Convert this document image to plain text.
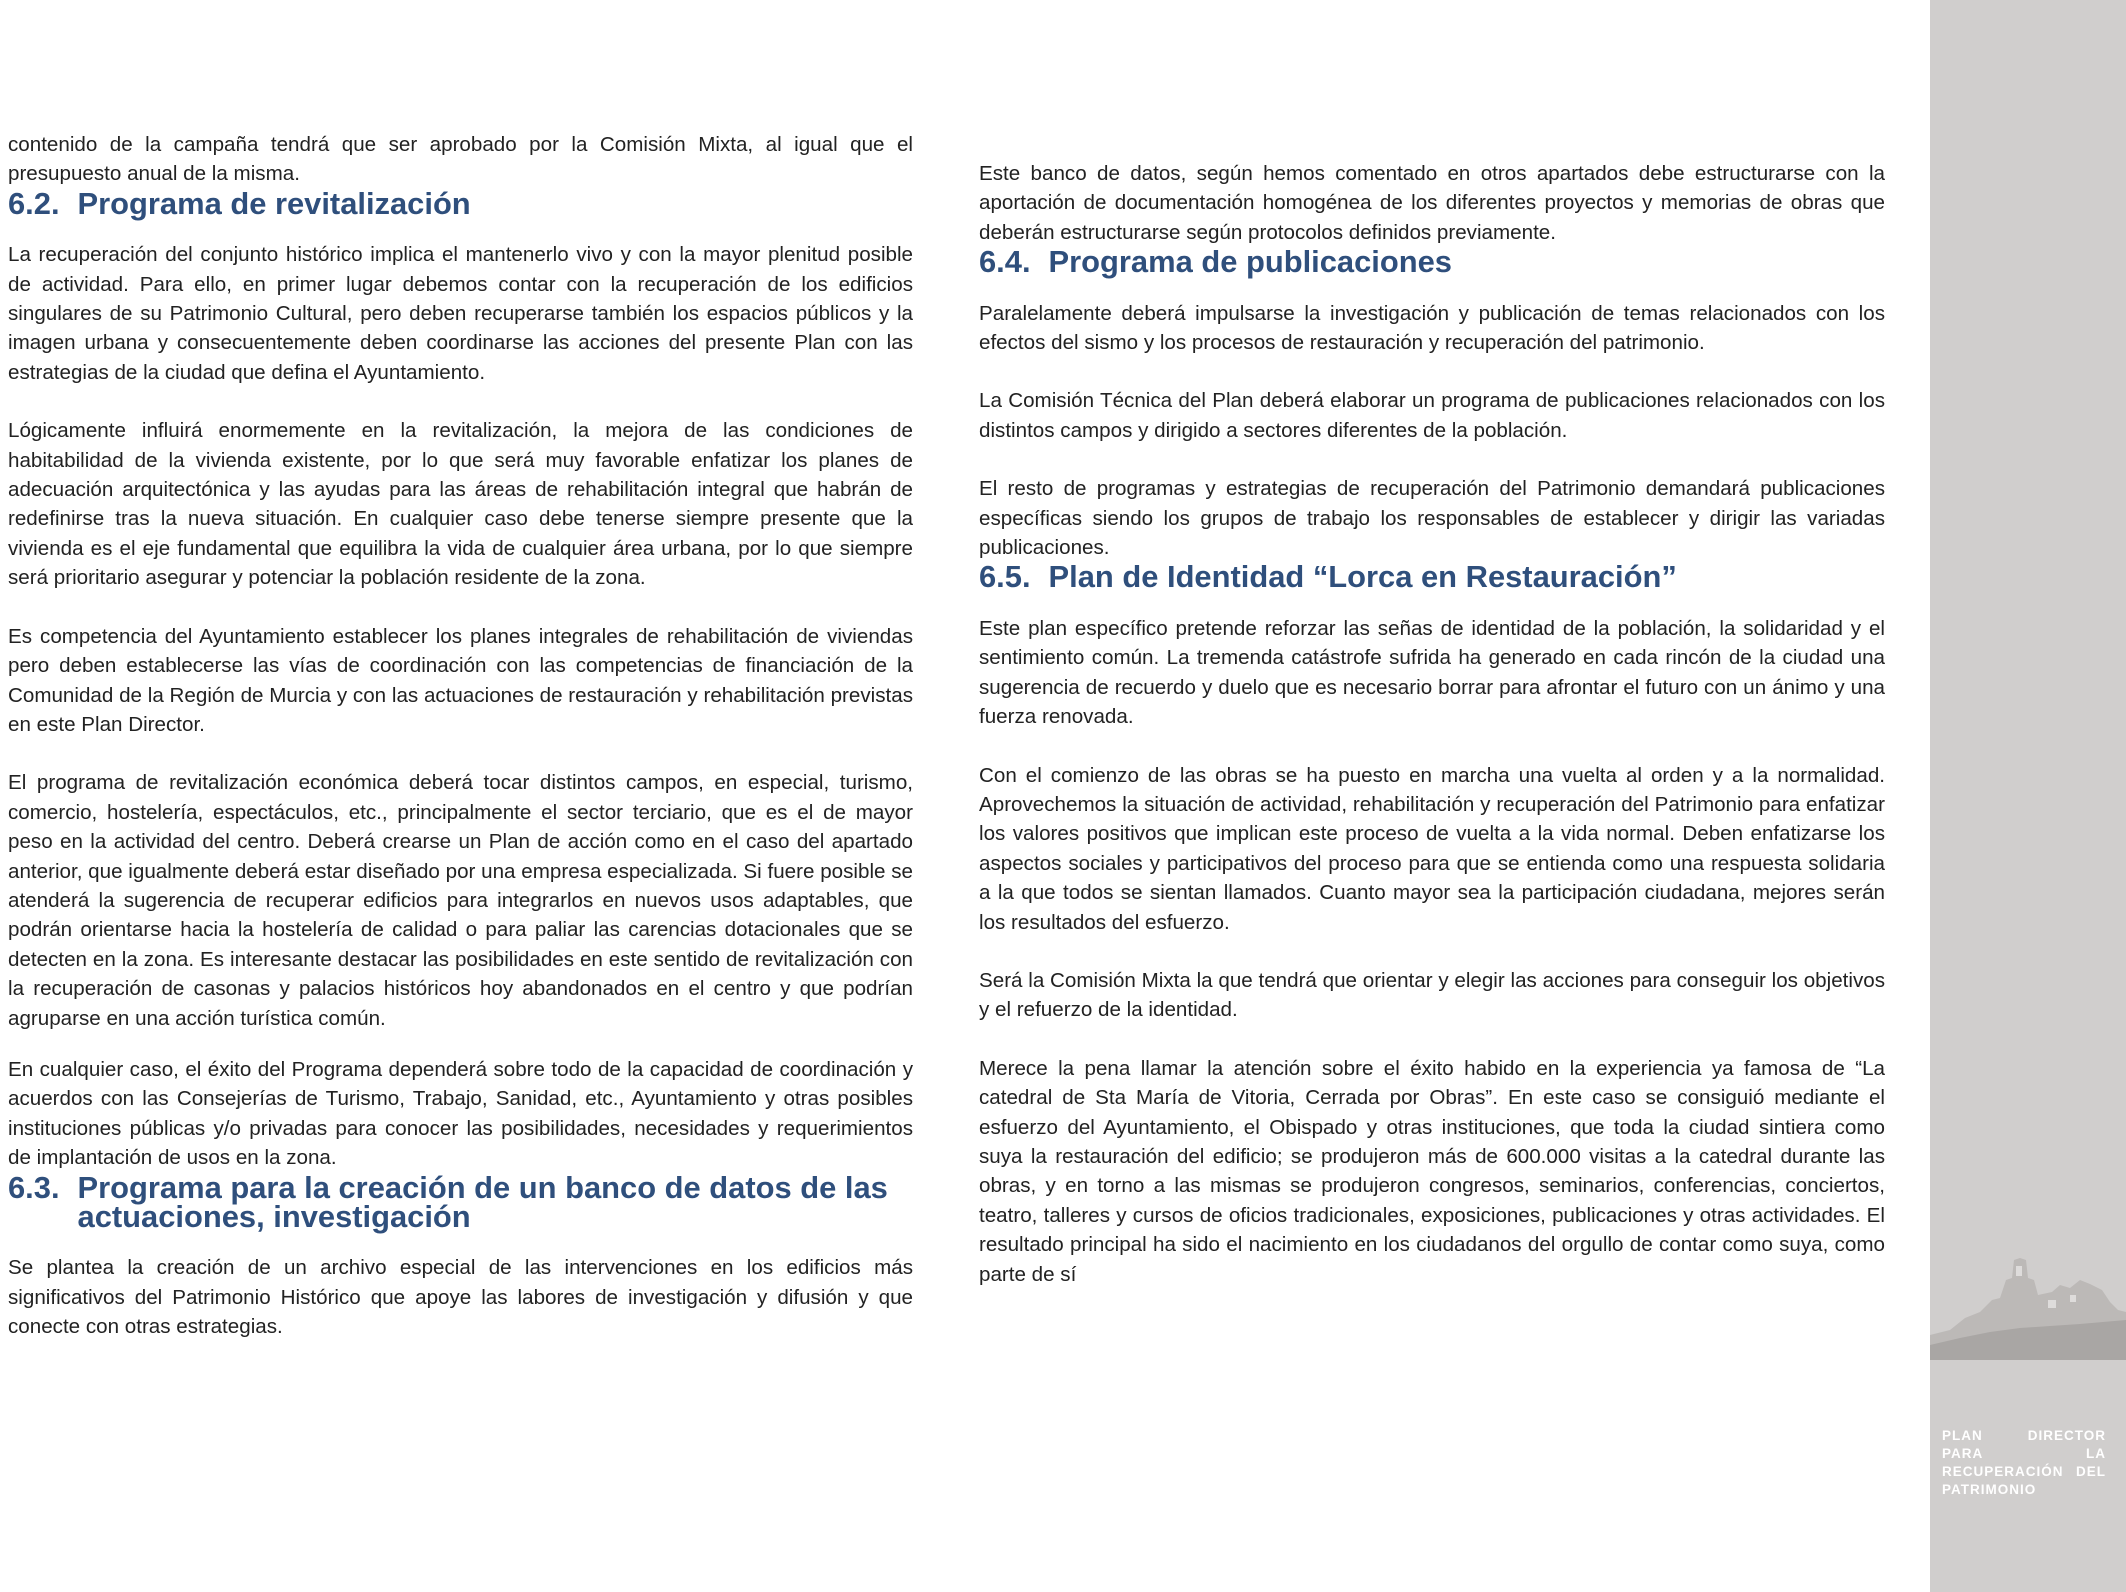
contenido de la campaña tendrá que ser aprobado por la Comisión Mixta, al igual que el presupuesto anual de la misma.

6.2. Programa de revitalización

La recuperación del conjunto histórico implica el mantenerlo vivo y con la mayor plenitud posible de actividad. Para ello, en primer lugar debemos contar con la recuperación de los edificios singulares de su Patrimonio Cultural, pero deben recuperarse también los espacios públicos y la imagen urbana y consecuentemente deben coordinarse las acciones del presente Plan con las estrategias de la ciudad que defina el Ayuntamiento.

Lógicamente influirá enormemente en la revitalización, la mejora de las condiciones de habitabilidad de la vivienda existente, por lo que será muy favorable enfatizar los planes de adecuación arquitectónica y las ayudas para las áreas de rehabilitación integral que habrán de redefinirse tras la nueva situación. En cualquier caso debe tenerse siempre presente que la vivienda es el eje fundamental que equilibra la vida de cualquier área urbana, por lo que siempre será prioritario asegurar y potenciar la población residente de la zona.

Es competencia del Ayuntamiento establecer los planes integrales de rehabilitación de viviendas pero deben establecerse las vías de coordinación con las competencias de financiación de la Comunidad de la Región de Murcia y con las actuaciones de restauración y rehabilitación previstas en este Plan Director.

El programa de revitalización económica deberá tocar distintos campos, en especial, turismo, comercio, hostelería, espectáculos, etc., principalmente el sector terciario, que es el de mayor peso en la actividad del centro. Deberá crearse un Plan de acción como en el caso del apartado anterior, que igualmente deberá estar diseñado por una empresa especializada. Si fuere posible se atenderá la sugerencia de recuperar edificios para integrarlos en nuevos usos adaptables, que podrán orientarse hacia la hostelería de calidad o para paliar las carencias dotacionales que se detecten en la zona. Es interesante destacar las posibilidades en este sentido de revitalización con la recuperación de casonas y palacios históricos hoy abandonados en el centro y que podrían agruparse en una acción turística común.

En cualquier caso, el éxito del Programa dependerá sobre todo de la capacidad de coordinación y acuerdos con las Consejerías de Turismo, Trabajo, Sanidad, etc., Ayuntamiento y otras posibles instituciones públicas y/o privadas para conocer las posibilidades, necesidades y requerimientos de implantación de usos en la zona.

6.3. Programa para la creación de un banco de datos de las actuaciones, investigación

Se plantea la creación de un archivo especial de las intervenciones en los edificios más significativos del Patrimonio Histórico que apoye las labores de investigación y difusión y que conecte con otras estrategias.

Este banco de datos, según hemos comentado en otros apartados debe estructurarse con la aportación de documentación homogénea de los diferentes proyectos y memorias de obras que deberán estructurarse según protocolos definidos previamente.

6.4. Programa de publicaciones

Paralelamente deberá impulsarse la investigación y publicación de temas relacionados con los efectos del sismo y los procesos de restauración y recuperación del patrimonio.

La Comisión Técnica del Plan deberá elaborar un programa de publicaciones relacionados con los distintos campos y dirigido a sectores diferentes de la población.

El resto de programas y estrategias de recuperación del Patrimonio demandará publicaciones específicas siendo los grupos de trabajo los responsables de establecer y dirigir las variadas publicaciones.

6.5. Plan de Identidad “Lorca en Restauración”

Este plan específico pretende reforzar las señas de identidad de la población, la solidaridad y el sentimiento común. La tremenda catástrofe sufrida ha generado en cada rincón de la ciudad una sugerencia de recuerdo y duelo que es necesario borrar para afrontar el futuro con un ánimo y una fuerza renovada.

Con el comienzo de las obras se ha puesto en marcha una vuelta al orden y a la normalidad. Aprovechemos la situación de actividad, rehabilitación y recuperación del Patrimonio para enfatizar los valores positivos que implican este proceso de vuelta a la vida normal. Deben enfatizarse los aspectos sociales y participativos del proceso para que se entienda como una respuesta solidaria a la que todos se sientan llamados. Cuanto mayor sea la participación ciudadana, mejores serán los resultados del esfuerzo.

Será la Comisión Mixta la que tendrá que orientar y elegir las acciones para conseguir los objetivos y el refuerzo de la identidad.

Merece la pena llamar la atención sobre el éxito habido en la experiencia ya famosa de “La catedral de Sta María de Vitoria, Cerrada por Obras”. En este caso se consiguió mediante el esfuerzo del Ayuntamiento, el Obispado y otras instituciones, que toda la ciudad sintiera como suya la restauración del edificio; se produjeron más de 600.000 visitas a la catedral durante las obras, y en torno a las mismas se produjeron congresos, seminarios, conferencias, conciertos, teatro, talleres y cursos de oficios tradicionales, exposiciones, publicaciones y otras actividades. El resultado principal ha sido el nacimiento en los ciudadanos del orgullo de contar como suya, como parte de sí

PLAN DIRECTOR
PARA LA
RECUPERACIÓN DEL
PATRIMONIO
